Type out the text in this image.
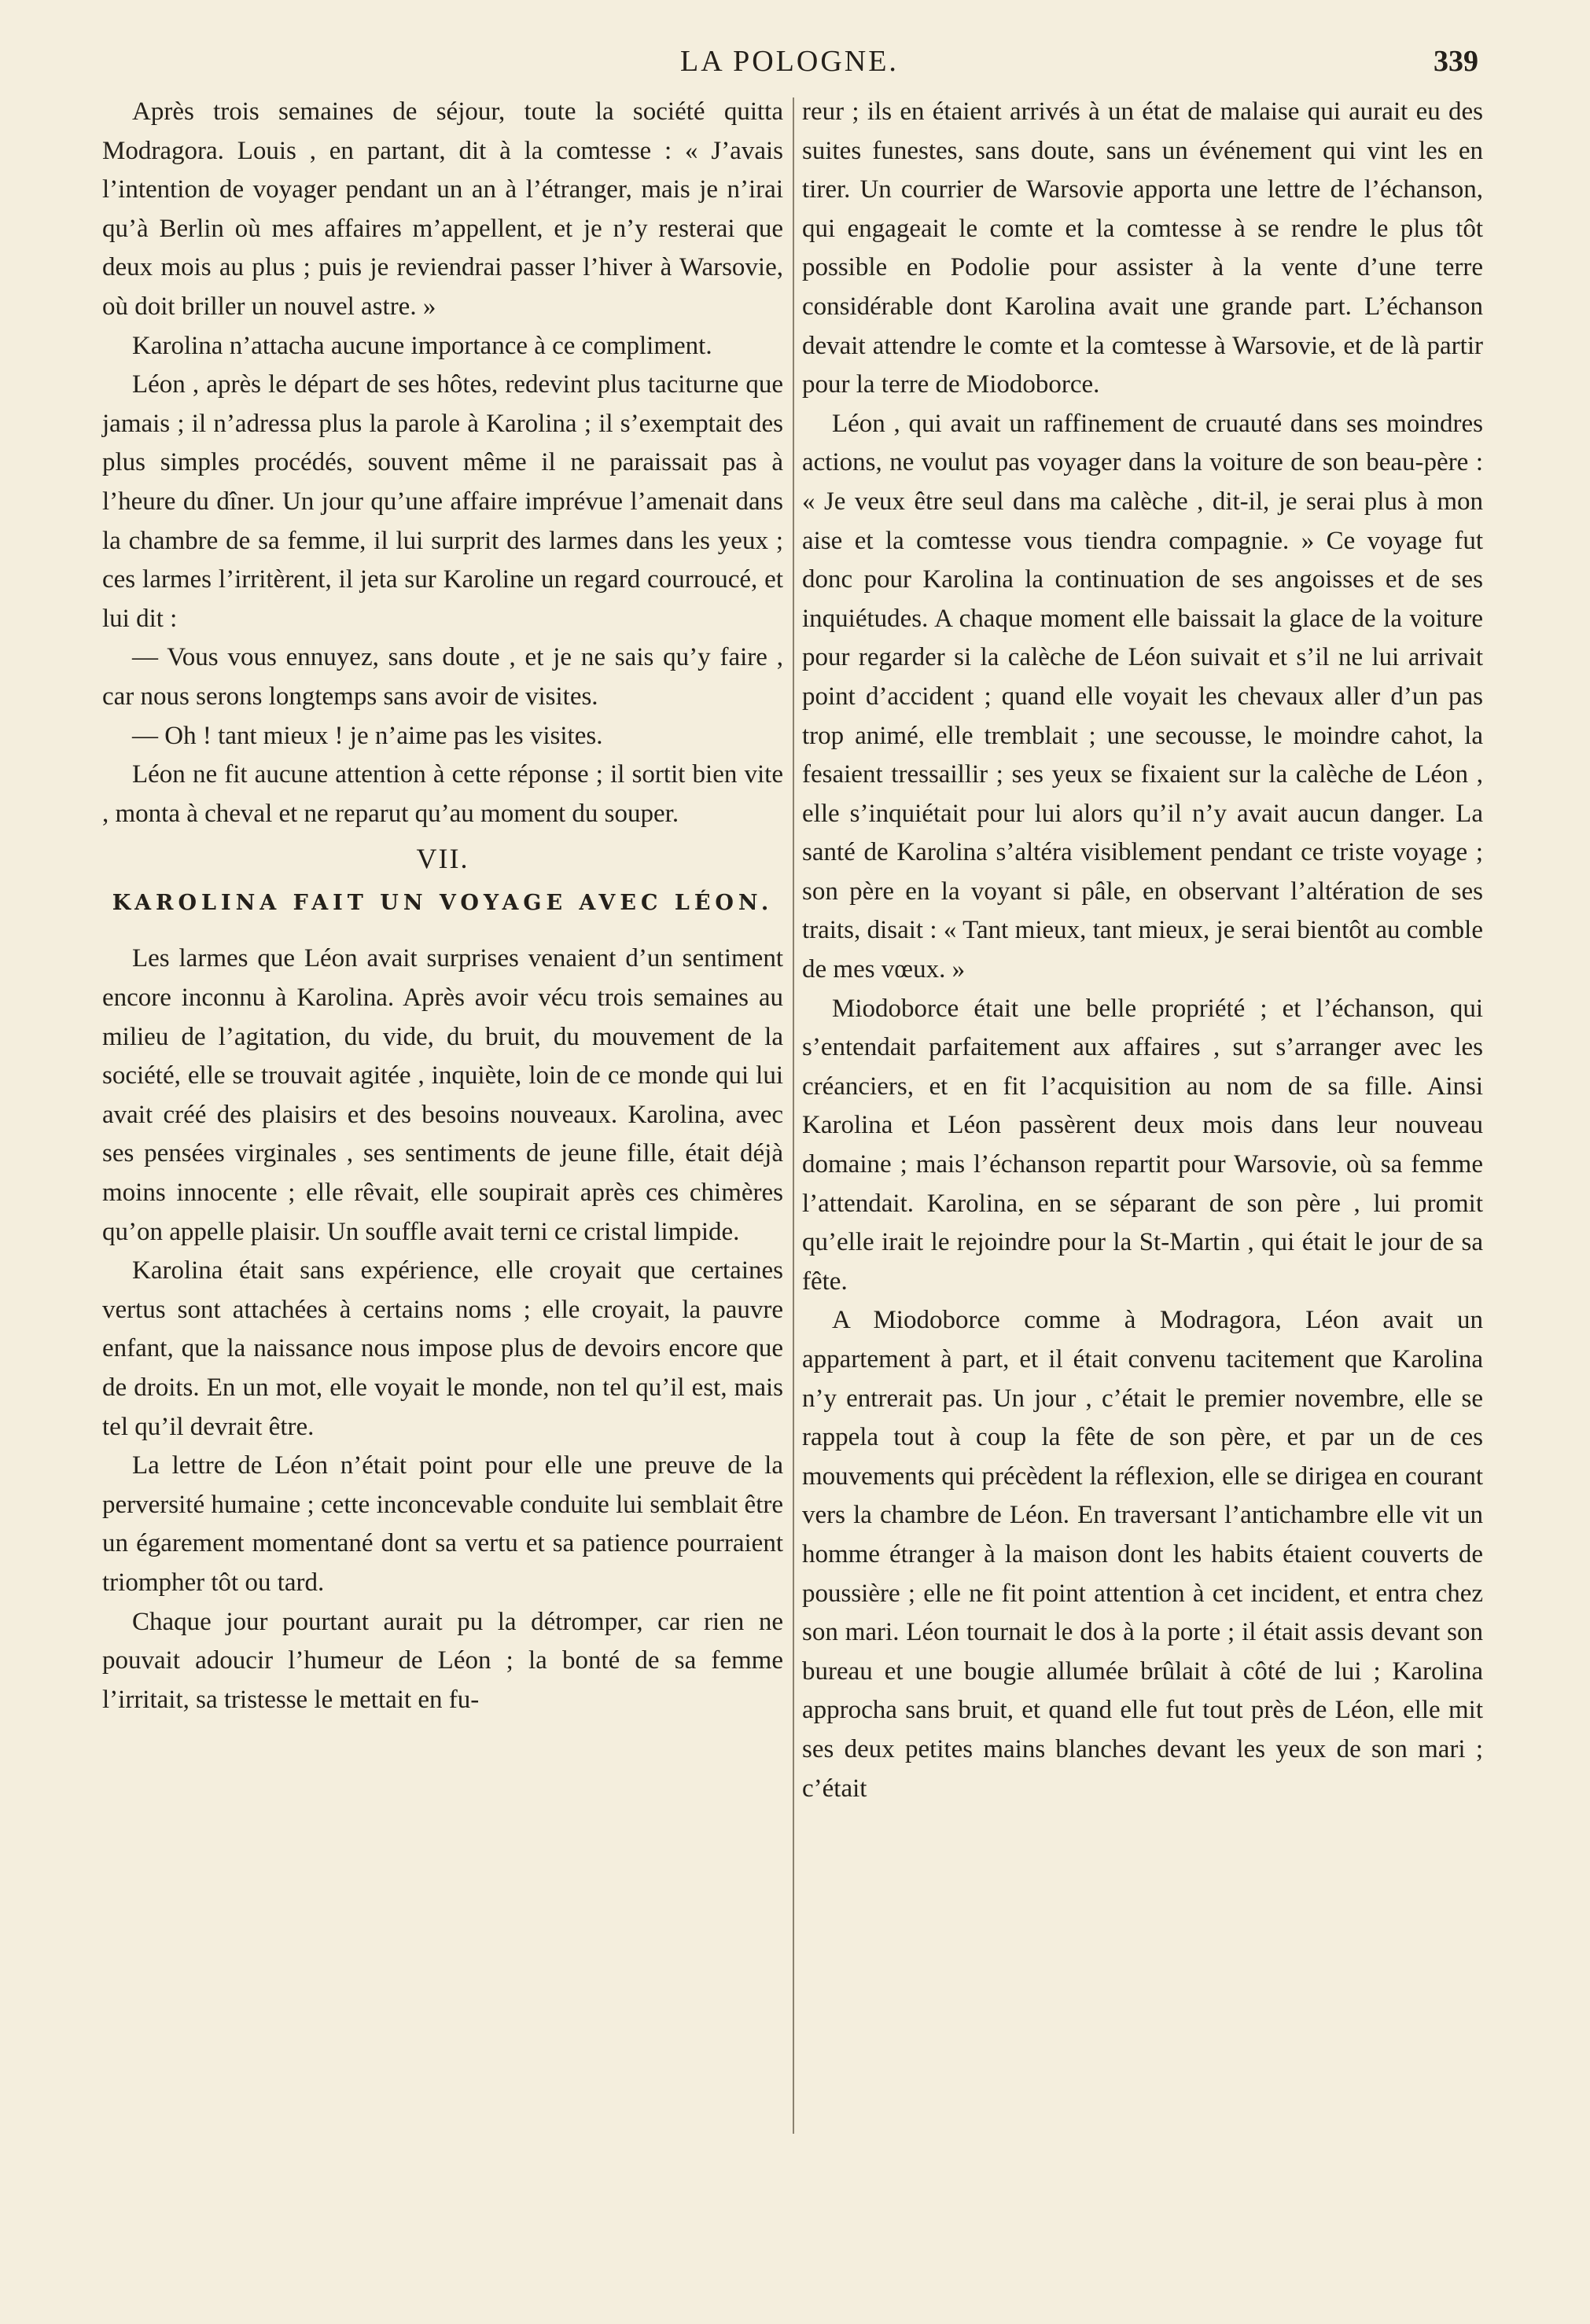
LA POLOGNE.	339

Après trois semaines de séjour, toute la société quitta Modragora. Louis , en partant, dit à la comtesse : « J’avais l’intention de voyager pendant un an à l’étranger, mais je n’irai qu’à Berlin où mes affaires m’appellent, et je n’y resterai que deux mois au plus ; puis je reviendrai passer l’hiver à Warsovie, où doit briller un nouvel astre. »

Karolina n’attacha aucune importance à ce compliment.

Léon , après le départ de ses hôtes, redevint plus taciturne que jamais ; il n’adressa plus la parole à Karolina ; il s’exemptait des plus simples procédés, souvent même il ne paraissait pas à l’heure du dîner. Un jour qu’une affaire imprévue l’amenait dans la chambre de sa femme, il lui surprit des larmes dans les yeux ; ces larmes l’irritèrent, il jeta sur Karoline un regard courroucé, et lui dit :

— Vous vous ennuyez, sans doute , et je ne sais qu’y faire , car nous serons longtemps sans avoir de visites.

— Oh ! tant mieux ! je n’aime pas les visites.

Léon ne fit aucune attention à cette réponse ; il sortit bien vite , monta à cheval et ne reparut qu’au moment du souper.

VII.
KAROLINA FAIT UN VOYAGE AVEC LÉON.

Les larmes que Léon avait surprises venaient d’un sentiment encore inconnu à Karolina. Après avoir vécu trois semaines au milieu de l’agitation, du vide, du bruit, du mouvement de la société, elle se trouvait agitée , inquiète, loin de ce monde qui lui avait créé des plaisirs et des besoins nouveaux. Karolina, avec ses pensées virginales , ses sentiments de jeune fille, était déjà moins innocente ; elle rêvait, elle soupirait après ces chimères qu’on appelle plaisir. Un souffle avait terni ce cristal limpide.

Karolina était sans expérience, elle croyait que certaines vertus sont attachées à certains noms ; elle croyait, la pauvre enfant, que la naissance nous impose plus de devoirs encore que de droits. En un mot, elle voyait le monde, non tel qu’il est, mais tel qu’il devrait être.

La lettre de Léon n’était point pour elle une preuve de la perversité humaine ; cette inconcevable conduite lui semblait être un égarement momentané dont sa vertu et sa patience pourraient triompher tôt ou tard.

Chaque jour pourtant aurait pu la détromper, car rien ne pouvait adoucir l’humeur de Léon ; la bonté de sa femme l’irritait, sa tristesse le mettait en fu-

reur ; ils en étaient arrivés à un état de malaise qui aurait eu des suites funestes, sans doute, sans un événement qui vint les en tirer. Un courrier de Warsovie apporta une lettre de l’échanson, qui engageait le comte et la comtesse à se rendre le plus tôt possible en Podolie pour assister à la vente d’une terre considérable dont Karolina avait une grande part. L’échanson devait attendre le comte et la comtesse à Warsovie, et de là partir pour la terre de Miodoborce.

Léon , qui avait un raffinement de cruauté dans ses moindres actions, ne voulut pas voyager dans la voiture de son beau-père : « Je veux être seul dans ma calèche , dit-il, je serai plus à mon aise et la comtesse vous tiendra compagnie. » Ce voyage fut donc pour Karolina la continuation de ses angoisses et de ses inquiétudes. A chaque moment elle baissait la glace de la voiture pour regarder si la calèche de Léon suivait et s’il ne lui arrivait point d’accident ; quand elle voyait les chevaux aller d’un pas trop animé, elle tremblait ; une secousse, le moindre cahot, la fesaient tressaillir ; ses yeux se fixaient sur la calèche de Léon , elle s’inquiétait pour lui alors qu’il n’y avait aucun danger. La santé de Karolina s’altéra visiblement pendant ce triste voyage ; son père en la voyant si pâle, en observant l’altération de ses traits, disait : « Tant mieux, tant mieux, je serai bientôt au comble de mes vœux. »

Miodoborce était une belle propriété ; et l’échanson, qui s’entendait parfaitement aux affaires , sut s’arranger avec les créanciers, et en fit l’acquisition au nom de sa fille. Ainsi Karolina et Léon passèrent deux mois dans leur nouveau domaine ; mais l’échanson repartit pour Warsovie, où sa femme l’attendait. Karolina, en se séparant de son père , lui promit qu’elle irait le rejoindre pour la St-Martin , qui était le jour de sa fête.

A Miodoborce comme à Modragora, Léon avait un appartement à part, et il était convenu tacitement que Karolina n’y entrerait pas. Un jour , c’était le premier novembre, elle se rappela tout à coup la fête de son père, et par un de ces mouvements qui précèdent la réflexion, elle se dirigea en courant vers la chambre de Léon. En traversant l’antichambre elle vit un homme étranger à la maison dont les habits étaient couverts de poussière ; elle ne fit point attention à cet incident, et entra chez son mari. Léon tournait le dos à la porte ; il était assis devant son bureau et une bougie allumée brûlait à côté de lui ; Karolina approcha sans bruit, et quand elle fut tout près de Léon, elle mit ses deux petites mains blanches devant les yeux de son mari ; c’était
